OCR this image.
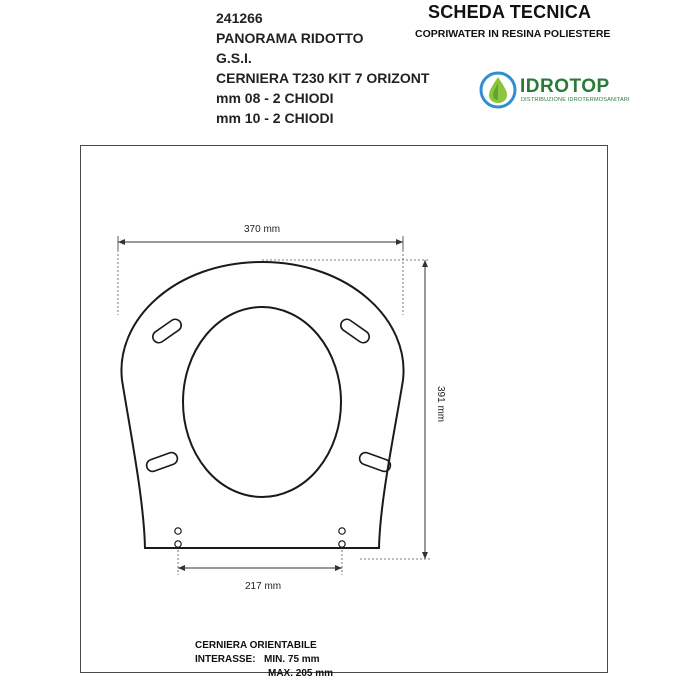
SCHEDA TECNICA
COPRIWATER IN RESINA POLIESTERE
241266
PANORAMA RIDOTTO
G.S.I.
CERNIERA T230 KIT 7 ORIZONT
mm 08 - 2 CHIODI
mm 10 - 2 CHIODI
IDROTOP
DISTRIBUZIONE IDROTERMOSANITARI
370 mm
391 mm
217 mm
CERNIERA ORIENTABILE
INTERASSE: MIN. 75 mm
MAX. 205 mm
